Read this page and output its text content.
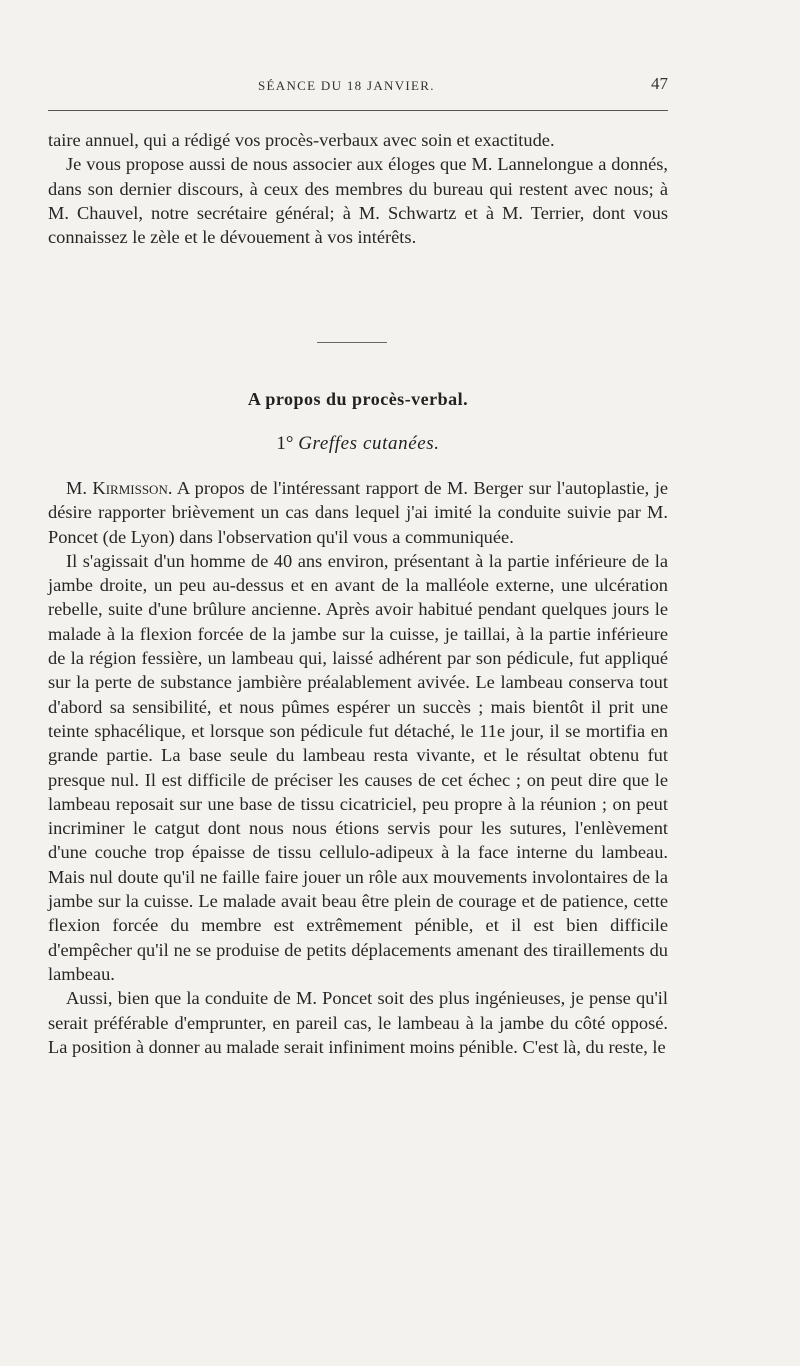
SÉANCE DU 18 JANVIER.	47

taire annuel, qui a rédigé vos procès-verbaux avec soin et exactitude.

Je vous propose aussi de nous associer aux éloges que M. Lannelongue a donnés, dans son dernier discours, à ceux des membres du bureau qui restent avec nous; à M. Chauvel, notre secrétaire général; à M. Schwartz et à M. Terrier, dont vous connaissez le zèle et le dévouement à vos intérêts.

A propos du procès-verbal.
1° Greffes cutanées.

M. Kirmisson. A propos de l'intéressant rapport de M. Berger sur l'autoplastie, je désire rapporter brièvement un cas dans lequel j'ai imité la conduite suivie par M. Poncet (de Lyon) dans l'observation qu'il vous a communiquée.

Il s'agissait d'un homme de 40 ans environ, présentant à la partie inférieure de la jambe droite, un peu au-dessus et en avant de la malléole externe, une ulcération rebelle, suite d'une brûlure ancienne. Après avoir habitué pendant quelques jours le malade à la flexion forcée de la jambe sur la cuisse, je taillai, à la partie inférieure de la région fessière, un lambeau qui, laissé adhérent par son pédicule, fut appliqué sur la perte de substance jambière préalablement avivée. Le lambeau conserva tout d'abord sa sensibilité, et nous pûmes espérer un succès ; mais bientôt il prit une teinte sphacélique, et lorsque son pédicule fut détaché, le 11e jour, il se mortifia en grande partie. La base seule du lambeau resta vivante, et le résultat obtenu fut presque nul. Il est difficile de préciser les causes de cet échec ; on peut dire que le lambeau reposait sur une base de tissu cicatriciel, peu propre à la réunion ; on peut incriminer le catgut dont nous nous étions servis pour les sutures, l'enlèvement d'une couche trop épaisse de tissu cellulo-adipeux à la face interne du lambeau. Mais nul doute qu'il ne faille faire jouer un rôle aux mouvements involontaires de la jambe sur la cuisse. Le malade avait beau être plein de courage et de patience, cette flexion forcée du membre est extrêmement pénible, et il est bien difficile d'empêcher qu'il ne se produise de petits déplacements amenant des tiraillements du lambeau.

Aussi, bien que la conduite de M. Poncet soit des plus ingénieuses, je pense qu'il serait préférable d'emprunter, en pareil cas, le lambeau à la jambe du côté opposé. La position à donner au malade serait infiniment moins pénible. C'est là, du reste, le
